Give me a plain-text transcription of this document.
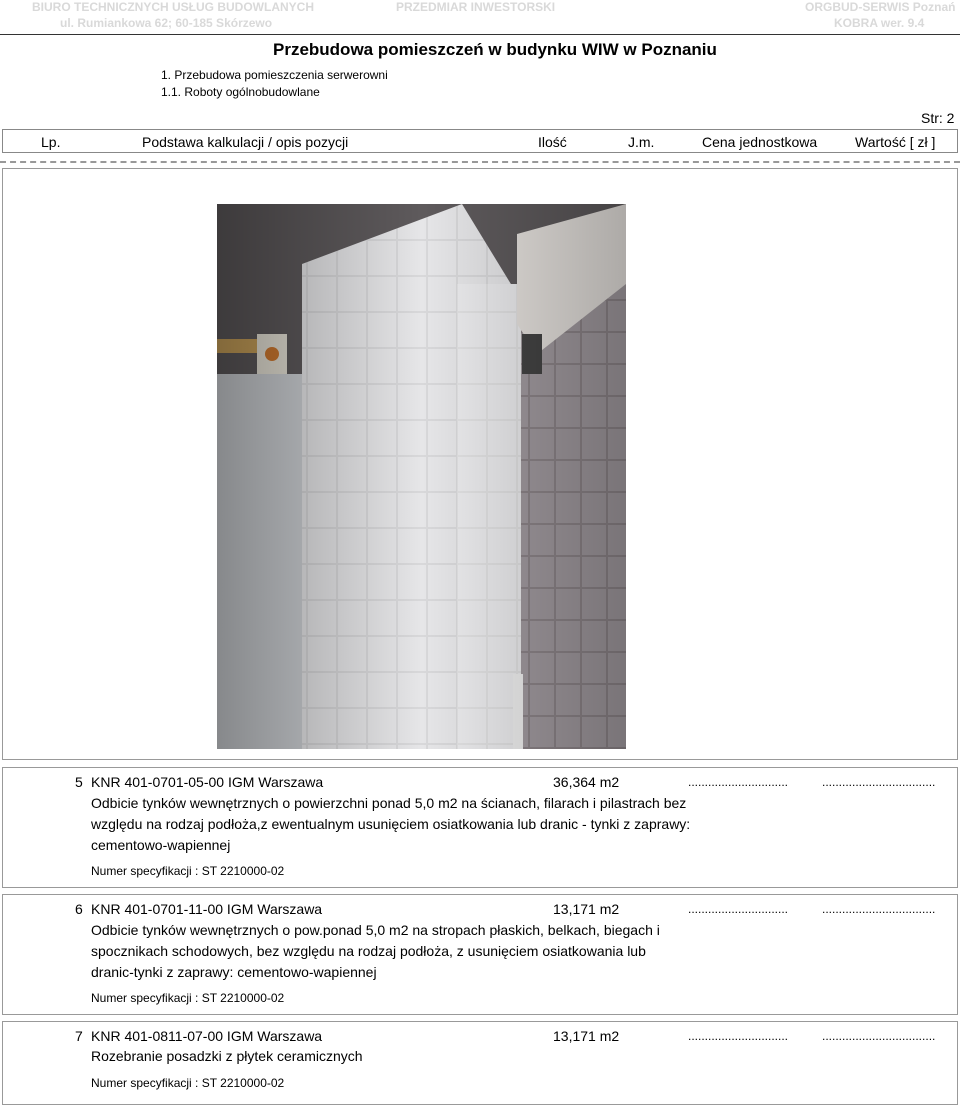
BIURO TECHNICZNYCH USŁUG BUDOWLANYCH
ul. Rumiankowa 62; 60-185 Skórzewo
PRZEDMIAR INWESTORSKI	ORGBUD-SERWIS Poznań
KOBRA wer. 9.4
Przebudowa pomieszczeń w budynku WIW w Poznaniu
1. Przebudowa pomieszczenia serwerowni
1.1. Roboty ogólnobudowlane
Str: 2
Lp.	Podstawa kalkulacji / opis pozycji	Ilość	J.m.	Cena jednostkowa	Wartość [ zł ]
5 KNR 401-0701-05-00 IGM Warszawa	36,364 m2	..............................	..................................
Odbicie tynków wewnętrznych o powierzchni ponad 5,0 m2 na ścianach, filarach i pilastrach bez
względu na rodzaj podłoża,z ewentualnym usunięciem osiatkowania lub dranic - tynki z zaprawy:
cementowo-wapiennej
Numer specyfikacji : ST 2210000-02
6 KNR 401-0701-11-00 IGM Warszawa	13,171 m2	..............................	..................................
Odbicie tynków wewnętrznych o pow.ponad 5,0 m2 na stropach płaskich, belkach, biegach i
spocznikach schodowych, bez względu na rodzaj podłoża, z usunięciem osiatkowania lub
dranic-tynki z zaprawy: cementowo-wapiennej
Numer specyfikacji : ST 2210000-02
7 KNR 401-0811-07-00 IGM Warszawa	13,171 m2	..............................	..................................
Rozebranie posadzki z płytek ceramicznych
Numer specyfikacji : ST 2210000-02
